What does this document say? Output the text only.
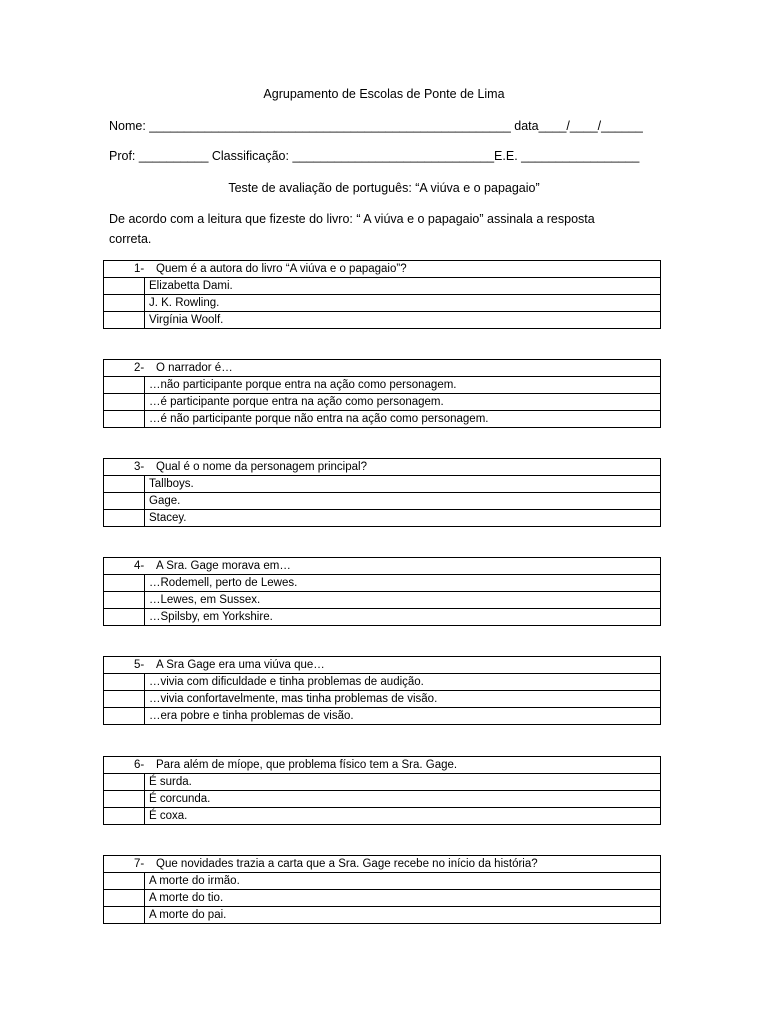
Agrupamento de Escolas de Ponte de Lima
Nome: ____________________________________________________ data____/____/______
Prof: __________ Classificação: _____________________________E.E. _________________
Teste de avaliação de português: “A viúva e o papagaio”
De acordo com a leitura que fizeste do livro: “ A viúva e o papagaio” assinala a resposta correta.
1- Quem é a autora do livro “A viúva e o papagaio”?	
	Elizabetta Dami.
	J. K. Rowling.
	Virgínia Woolf.
2- O narrador é…	
	…não participante porque entra na ação como personagem.
	…é participante porque entra na ação como personagem.
	…é não participante porque não entra na ação como personagem.
3- Qual é o nome da personagem principal?	
	Tallboys.
	Gage.
	Stacey.
4- A Sra. Gage morava em…	
	…Rodemell, perto de Lewes.
	…Lewes, em Sussex.
	…Spilsby, em Yorkshire.
5- A Sra Gage era uma viúva que…	
	…vivia com dificuldade e tinha problemas de audição.
	…vivia confortavelmente, mas tinha problemas de visão.
	…era pobre e tinha problemas de visão.
6- Para além de míope, que problema físico tem a Sra. Gage.	
	É surda.
	É corcunda.
	É coxa.
7- Que novidades trazia a carta que a Sra. Gage recebe no início da história?	
	A morte do irmão.
	A morte do tio.
	A morte do pai.
